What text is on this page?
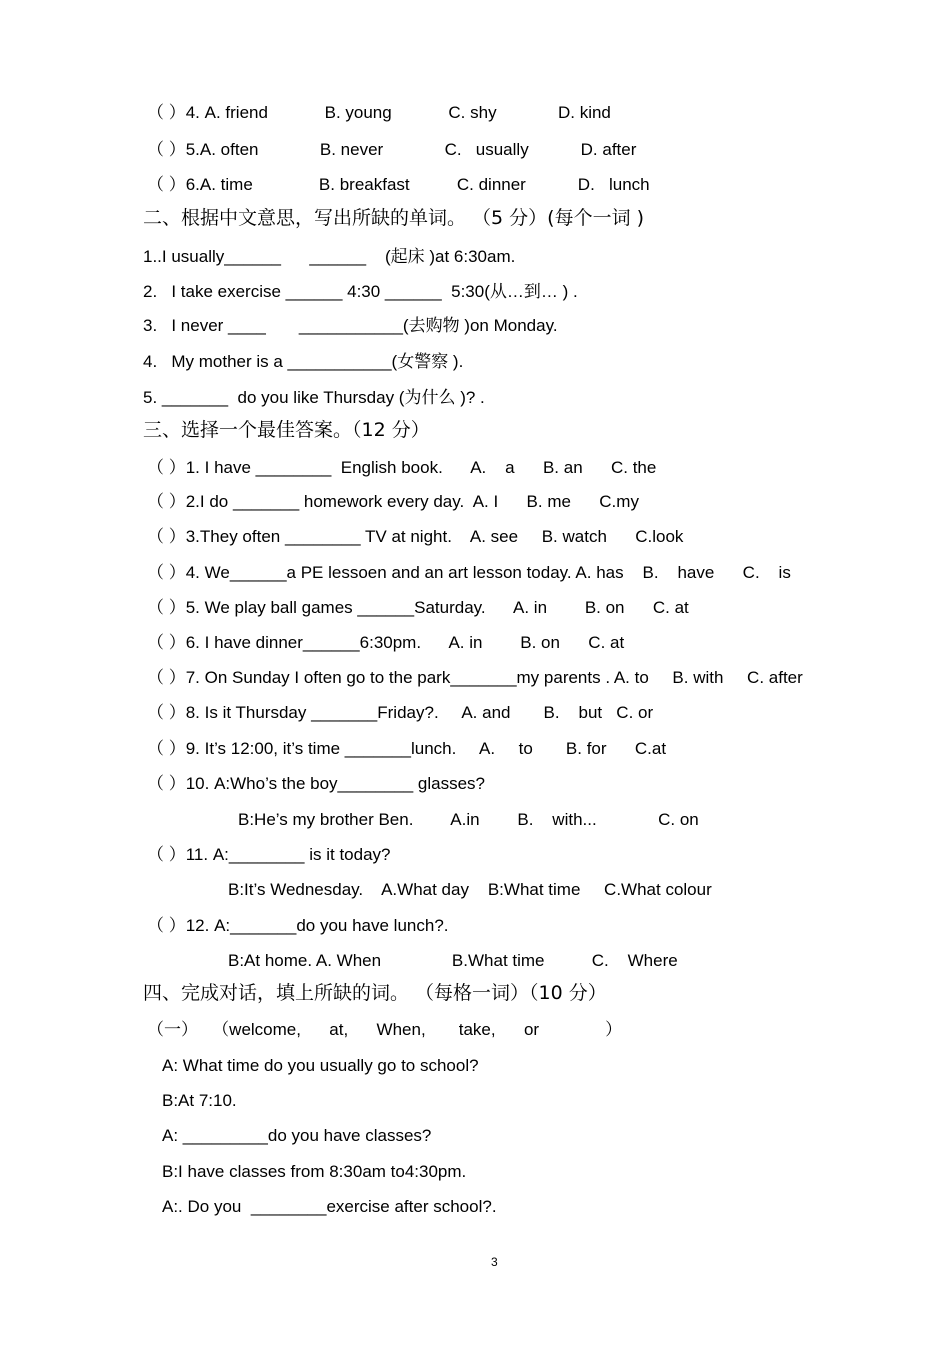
（ ）4. A. friend            B. young            C. shy             D. kind
（ ）5.A. often             B. never             C.   usually           D. after
（ ）6.A. time              B. breakfast          C. dinner           D.   lunch
二、根据中文意思，写出所缺的单词。 （5 分）(每个一词 )
1..I usually______      ______    (起床 )at 6:30am.
2.   I take exercise ______ 4:30 ______  5:30(从…到… ) .
3.   I never ____       ___________(去购物 )on Monday.
4.   My mother is a ___________(女警察 ).
5. _______  do you like Thursday (为什么 )? .
三、选择一个最佳答案。（12 分）
（ ）1. I have ________  English book.      A.    a      B. an      C. the
（ ）2.I do _______ homework every day.  A. I      B. me      C.my
（ ）3.They often ________ TV at night.    A. see     B. watch      C.look
（ ）4. We______a PE lessoen and an art lesson today. A. has    B.    have      C.    is
（ ）5. We play ball games ______Saturday.      A. in        B. on      C. at
（ ）6. I have dinner______6:30pm.      A. in        B. on      C. at
（ ）7. On Sunday I often go to the park_______my parents . A. to     B. with     C. after
（ ）8. Is it Thursday _______Friday?.     A. and       B.    but   C. or
（ ）9. It’s 12:00, it’s time _______lunch.     A.     to       B. for      C.at
（ ）10. A:Who’s the boy________ glasses?
B:He’s my brother Ben.        A.in        B.    with...             C. on
（ ）11. A:________ is it today?
B:It’s Wednesday.    A.What day    B:What time     C.What colour
（ ）12. A:_______do you have lunch?.
B:At home. A. When               B.What time          C.    Where
四、完成对话，填上所缺的词。 （每格一词）（10 分）
（一）   （welcome,      at,      When,       take,      or              ）
A: What time do you usually go to school?
B:At 7:10.
A: _________do you have classes?
B:I have classes from 8:30am to4:30pm.
A:. Do you  ________exercise after school?.
3
